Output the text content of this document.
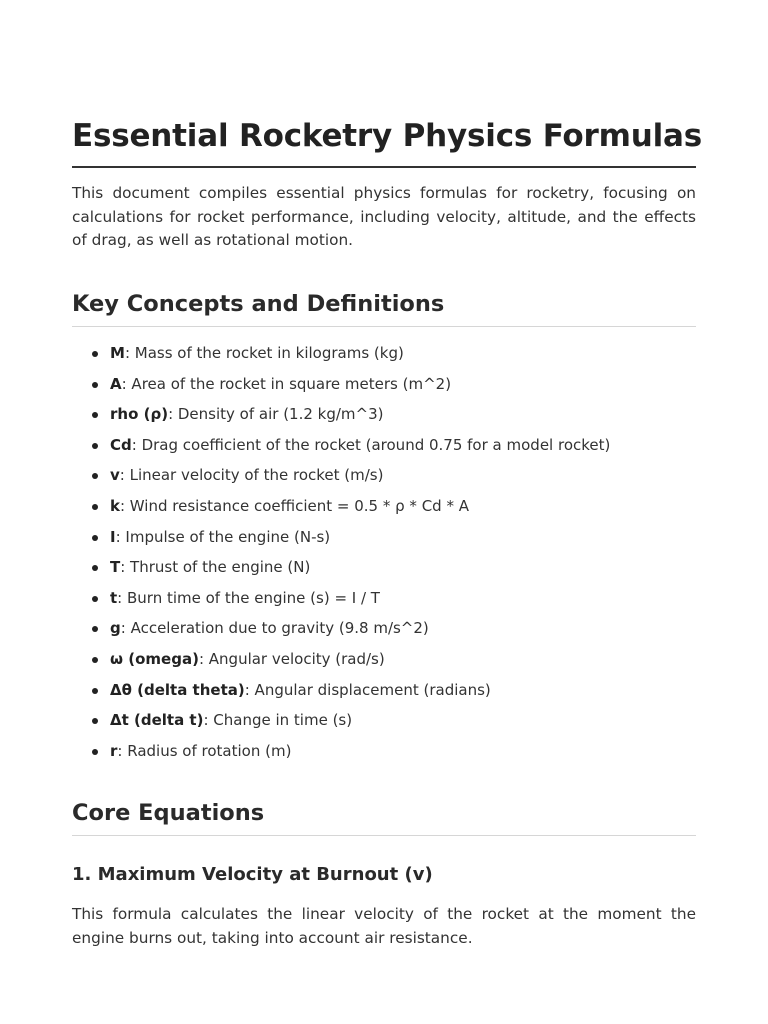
Essential Rocketry Physics Formulas

This document compiles essential physics formulas for rocketry, focusing on calculations for rocket performance, including velocity, altitude, and the effects of drag, as well as rotational motion.

Key Concepts and Definitions
M: Mass of the rocket in kilograms (kg)
A: Area of the rocket in square meters (m^2)
rho (ρ): Density of air (1.2 kg/m^3)
Cd: Drag coefficient of the rocket (around 0.75 for a model rocket)
v: Linear velocity of the rocket (m/s)
k: Wind resistance coefficient = 0.5 * ρ * Cd * A
I: Impulse of the engine (N-s)
T: Thrust of the engine (N)
t: Burn time of the engine (s) = I / T
g: Acceleration due to gravity (9.8 m/s^2)
ω (omega): Angular velocity (rad/s)
Δθ (delta theta): Angular displacement (radians)
Δt (delta t): Change in time (s)
r: Radius of rotation (m)
Core Equations
1. Maximum Velocity at Burnout (v)

This formula calculates the linear velocity of the rocket at the moment the engine burns out, taking into account air resistance.
